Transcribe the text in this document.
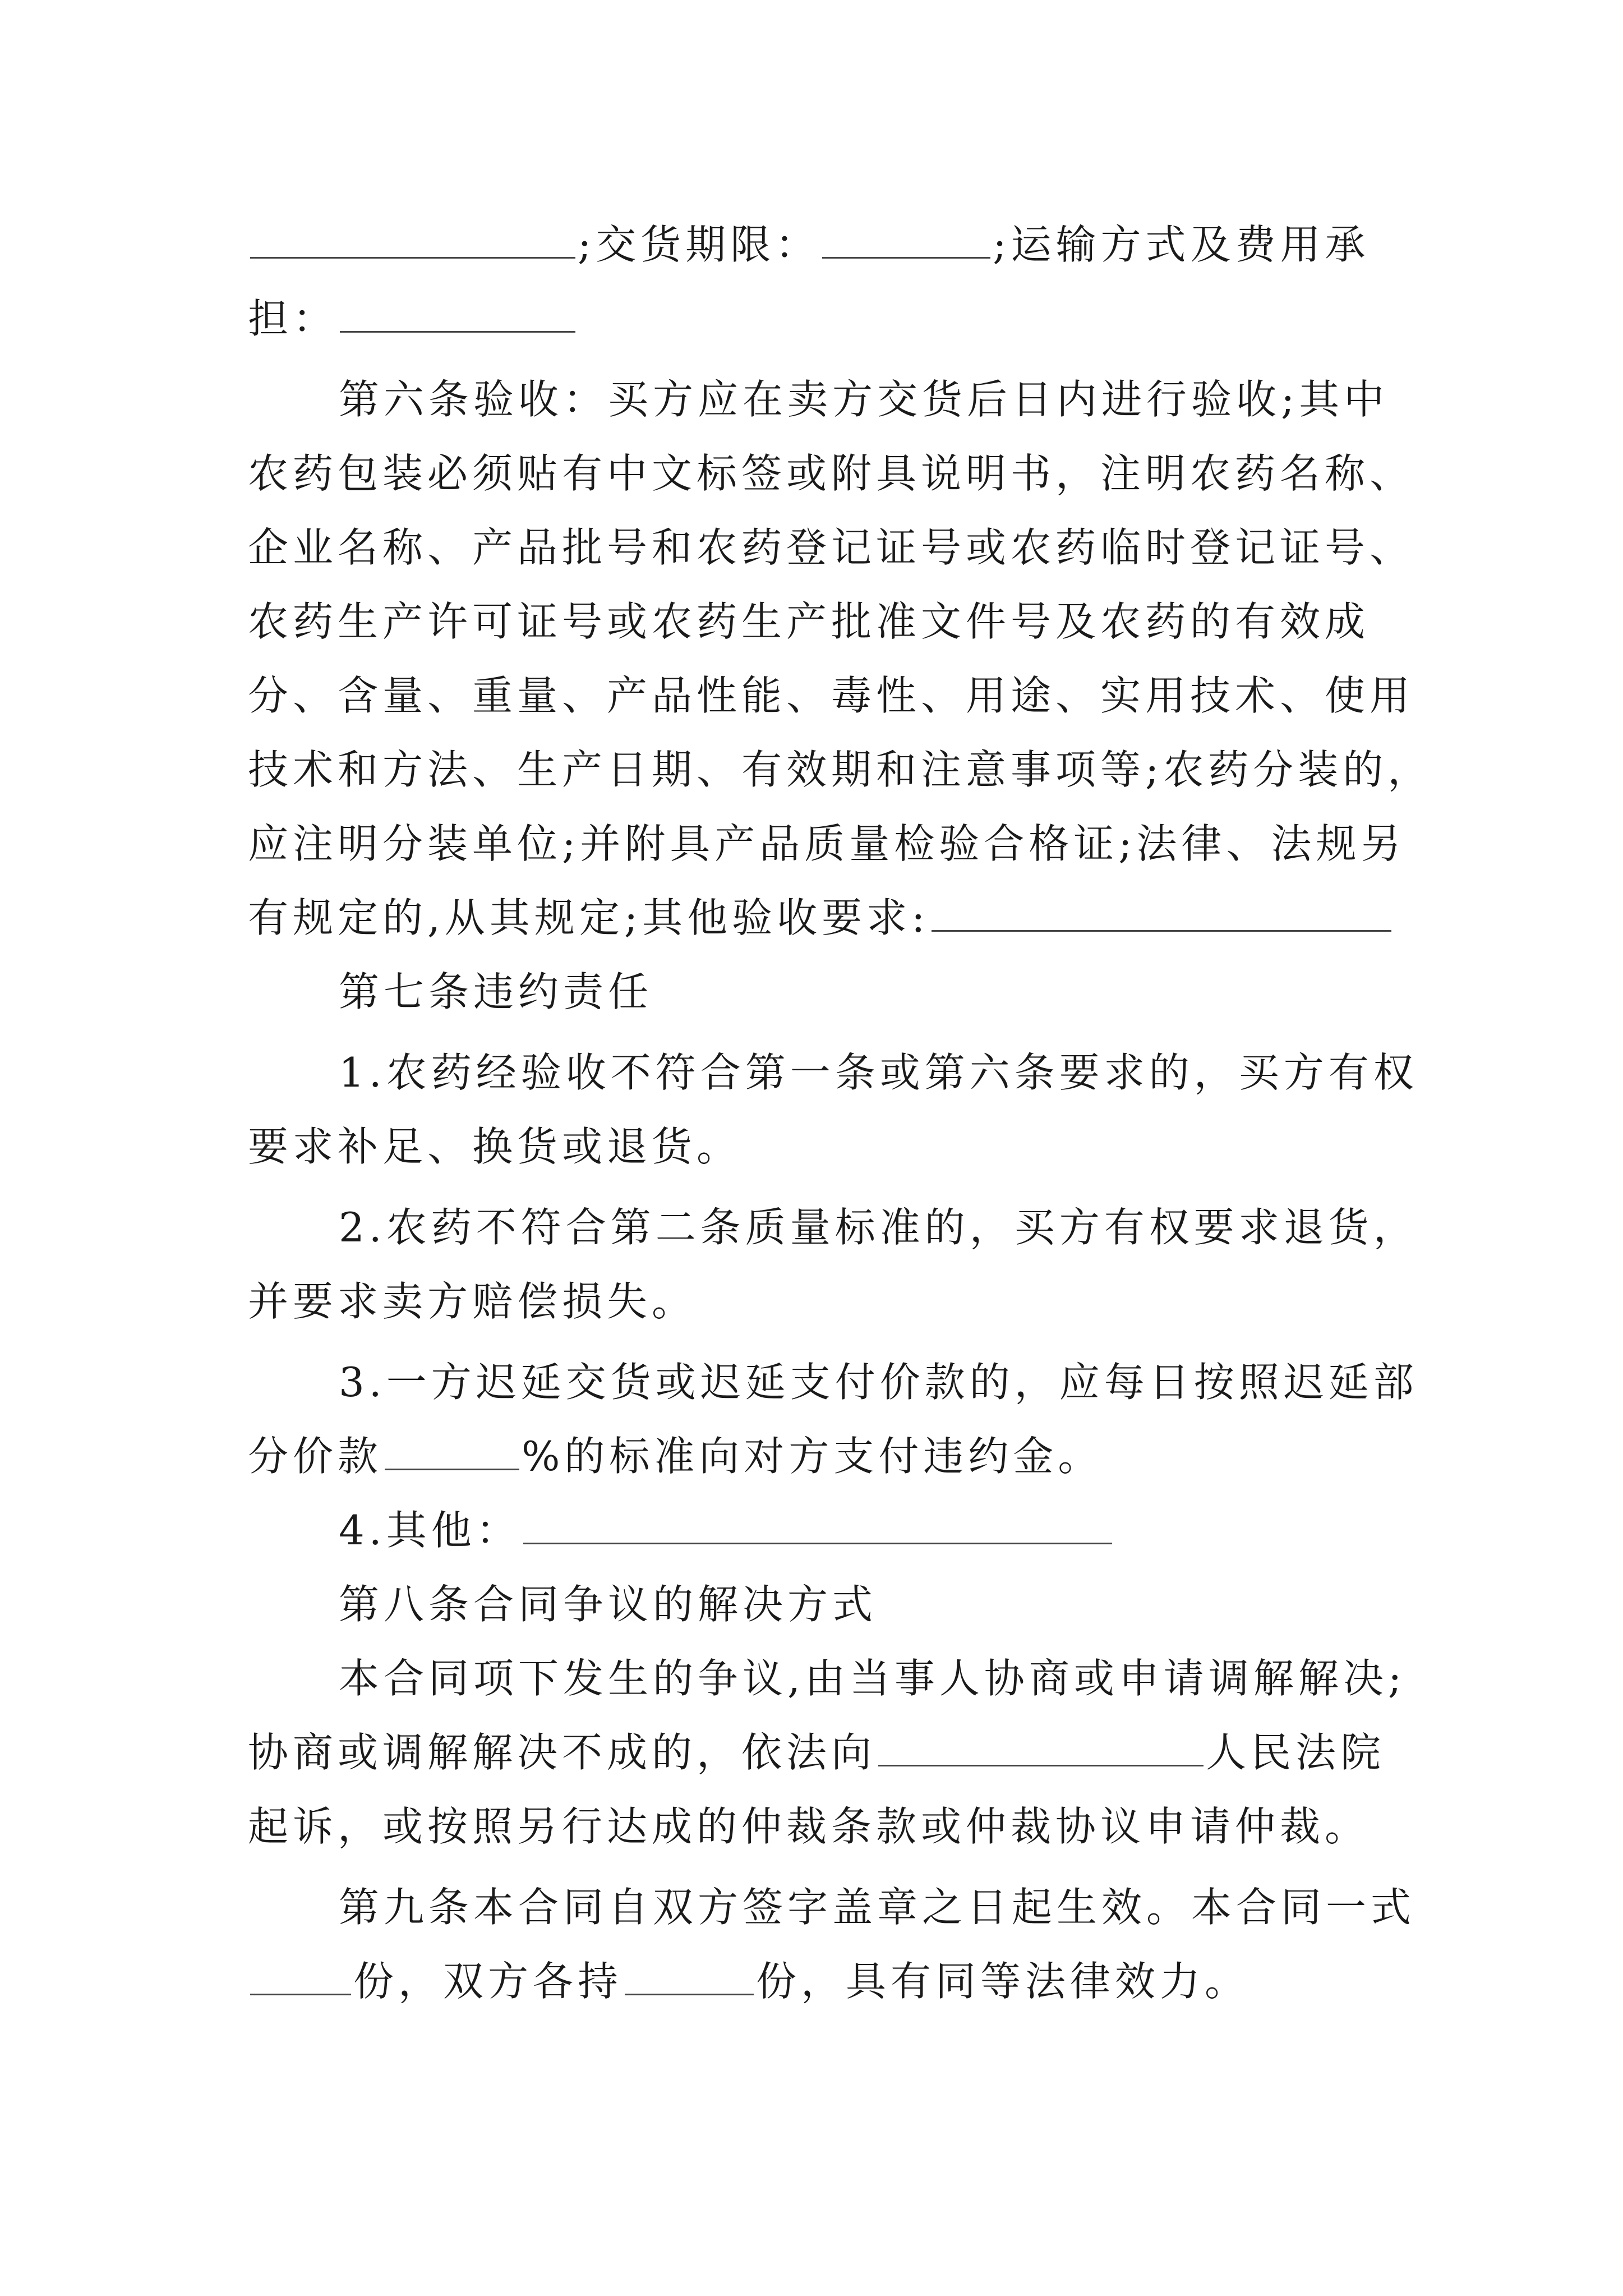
;交货期限：	;运输方式及费用承
担：
第六条验收：买方应在卖方交货后日内进行验收;其中
农药包装必须贴有中文标签或附具说明书，注明农药名称、
企业名称、产品批号和农药登记证号或农药临时登记证号、
农药生产许可证号或农药生产批准文件号及农药的有效成
分、含量、重量、产品性能、毒性、用途、实用技术、使用
技术和方法、生产日期、有效期和注意事项等;农药分装的，
应注明分装单位;并附具产品质量检验合格证;法律、法规另
有规定的,从其规定;其他验收要求:
第七条违约责任
1.农药经验收不符合第一条或第六条要求的，买方有权
要求补足、换货或退货。
2.农药不符合第二条质量标准的，买方有权要求退货，
并要求卖方赔偿损失。
3.一方迟延交货或迟延支付价款的，应每日按照迟延部
分价款	%的标准向对方支付违约金。
4.其他：
第八条合同争议的解决方式
本合同项下发生的争议,由当事人协商或申请调解解决;
协商或调解解决不成的，依法向	人民法院
起诉，或按照另行达成的仲裁条款或仲裁协议申请仲裁。
第九条本合同自双方签字盖章之日起生效。本合同一式
份，双方各持	份，具有同等法律效力。
